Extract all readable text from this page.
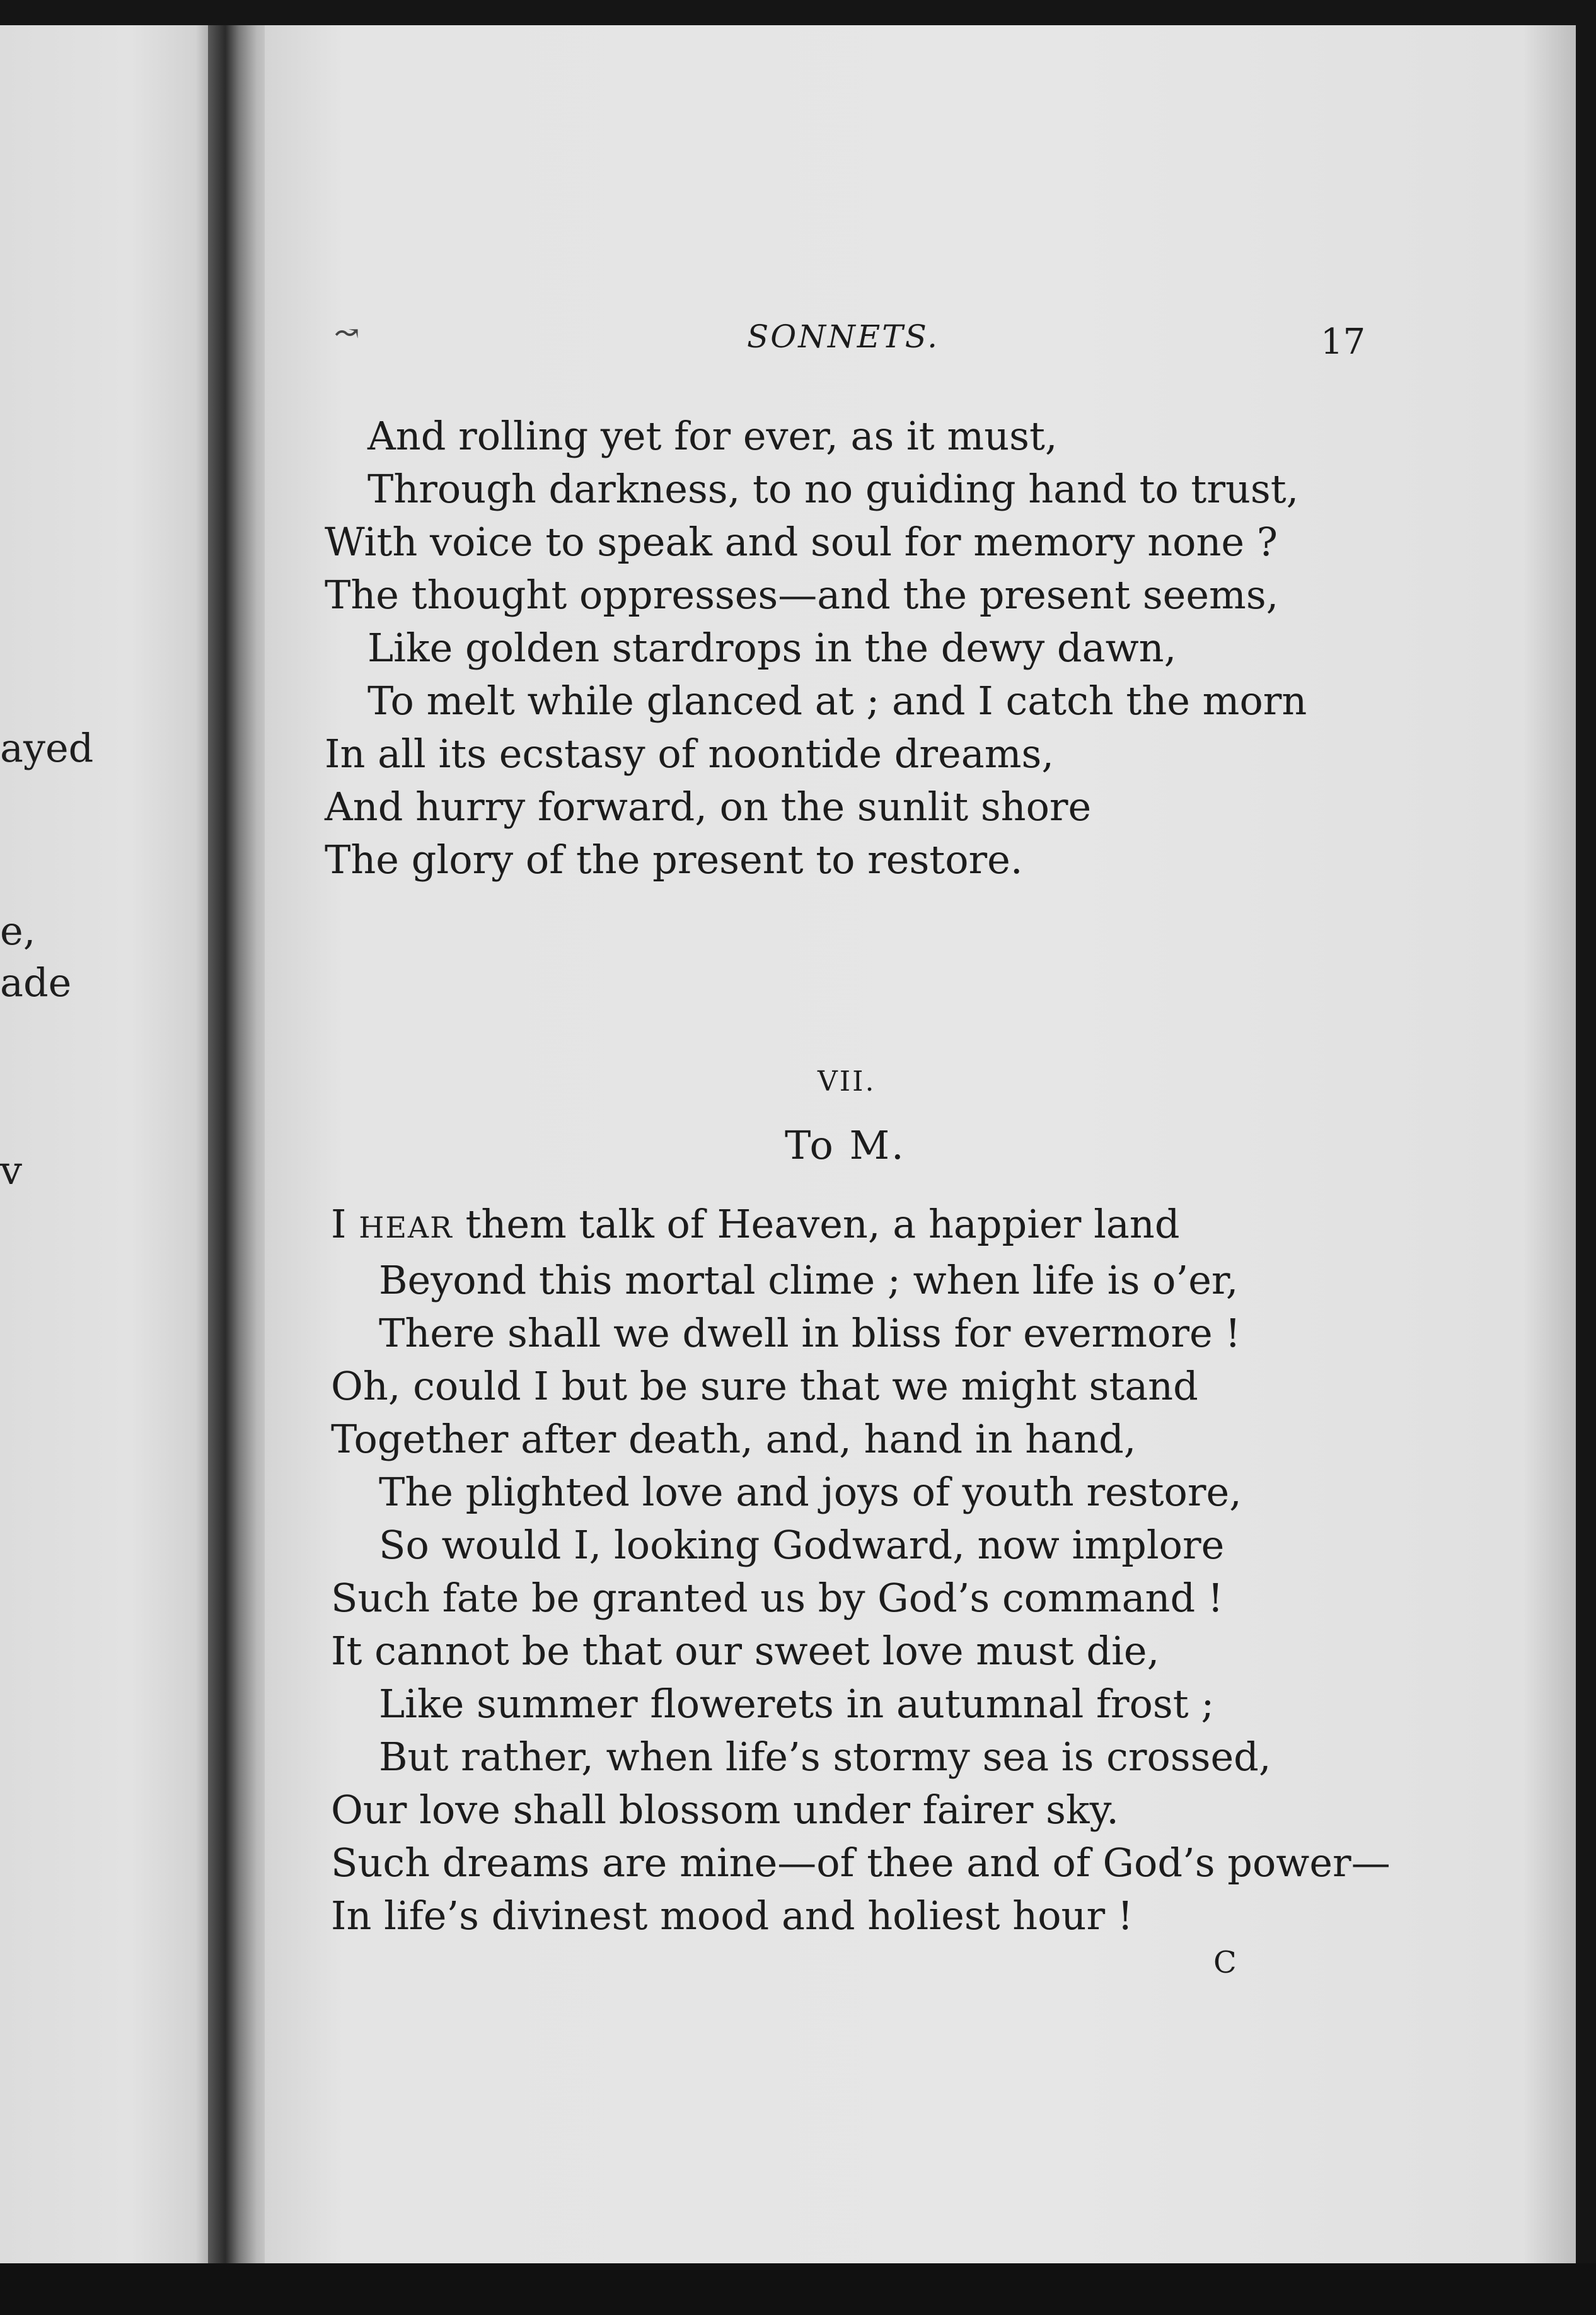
ayed
e,
ade
v
↝	SONNETS.	17
And rolling yet for ever, as it must,
Through darkness, to no guiding hand to trust,
With voice to speak and soul for memory none ?
The thought oppresses—and the present seems,
Like golden stardrops in the dewy dawn,
To melt while glanced at ; and I catch the morn
In all its ecstasy of noontide dreams,
And hurry forward, on the sunlit shore
The glory of the present to restore.
VII.
To M.
I HEAR them talk of Heaven, a happier land
Beyond this mortal clime ; when life is o’er,
There shall we dwell in bliss for evermore !
Oh, could I but be sure that we might stand
Together after death, and, hand in hand,
The plighted love and joys of youth restore,
So would I, looking Godward, now implore
Such fate be granted us by God’s command !
It cannot be that our sweet love must die,
Like summer flowerets in autumnal frost ;
But rather, when life’s stormy sea is crossed,
Our love shall blossom under fairer sky.
Such dreams are mine—of thee and of God’s power—
In life’s divinest mood and holiest hour !
C
